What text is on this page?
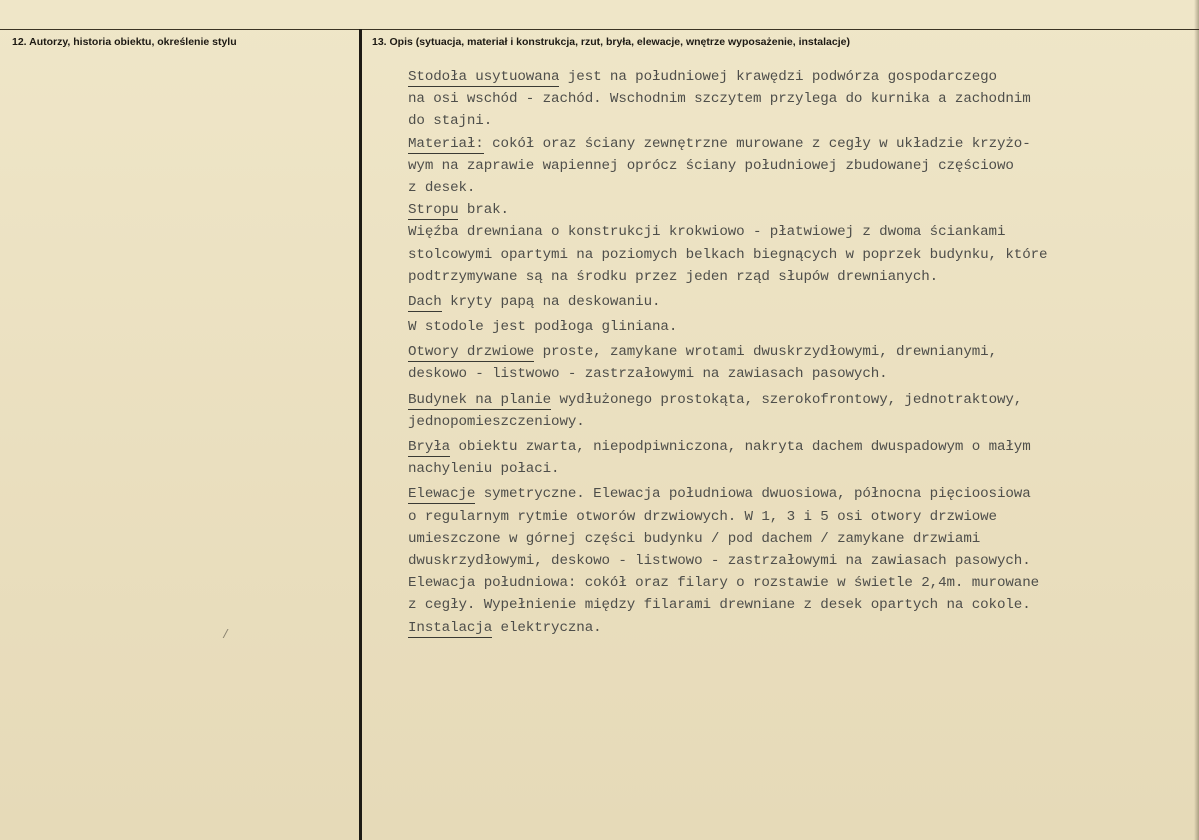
12. Autorzy, historia obiektu, określenie stylu	13. Opis (sytuacja, materiał i konstrukcja, rzut, bryła, elewacje, wnętrze wyposażenie, instalacje)
Stodoła usytuowana jest na południowej krawędzi podwórza gospodarczego
na osi wschód - zachód. Wschodnim szczytem przylega do kurnika a zachodnim
do stajni.
Materiał: cokół oraz ściany zewnętrzne murowane z cegły w układzie krzyżo-
wym na zaprawie wapiennej oprócz ściany południowej zbudowanej częściowo
z desek.
Stropu brak.
Więźba drewniana o konstrukcji krokwiowo - płatwiowej z dwoma ściankami
stolcowymi opartymi na poziomych belkach biegnących w poprzek budynku, które
podtrzymywane są na środku przez jeden rząd słupów drewnianych.
Dach kryty papą na deskowaniu.
W stodole jest podłoga gliniana.
Otwory drzwiowe proste, zamykane wrotami dwuskrzydłowymi, drewnianymi,
deskowo - listwowo - zastrzałowymi na zawiasach pasowych.
Budynek na planie wydłużonego prostokąta, szerokofrontowy, jednotraktowy,
jednopomieszczeniowy.
Bryła obiektu zwarta, niepodpiwniczona, nakryta dachem dwuspadowym o małym
nachyleniu połaci.
Elewacje symetryczne. Elewacja południowa dwuosiowa, północna pięcioosiowa
o regularnym rytmie otworów drzwiowych. W 1, 3 i 5 osi otwory drzwiowe
umieszczone w górnej części budynku / pod dachem / zamykane drzwiami
dwuskrzydłowymi, deskowo - listwowo - zastrzałowymi na zawiasach pasowych.
Elewacja południowa: cokół oraz filary o rozstawie w świetle 2,4m. murowane
z cegły. Wypełnienie między filarami drewniane z desek opartych na cokole.
Instalacja elektryczna.
/
